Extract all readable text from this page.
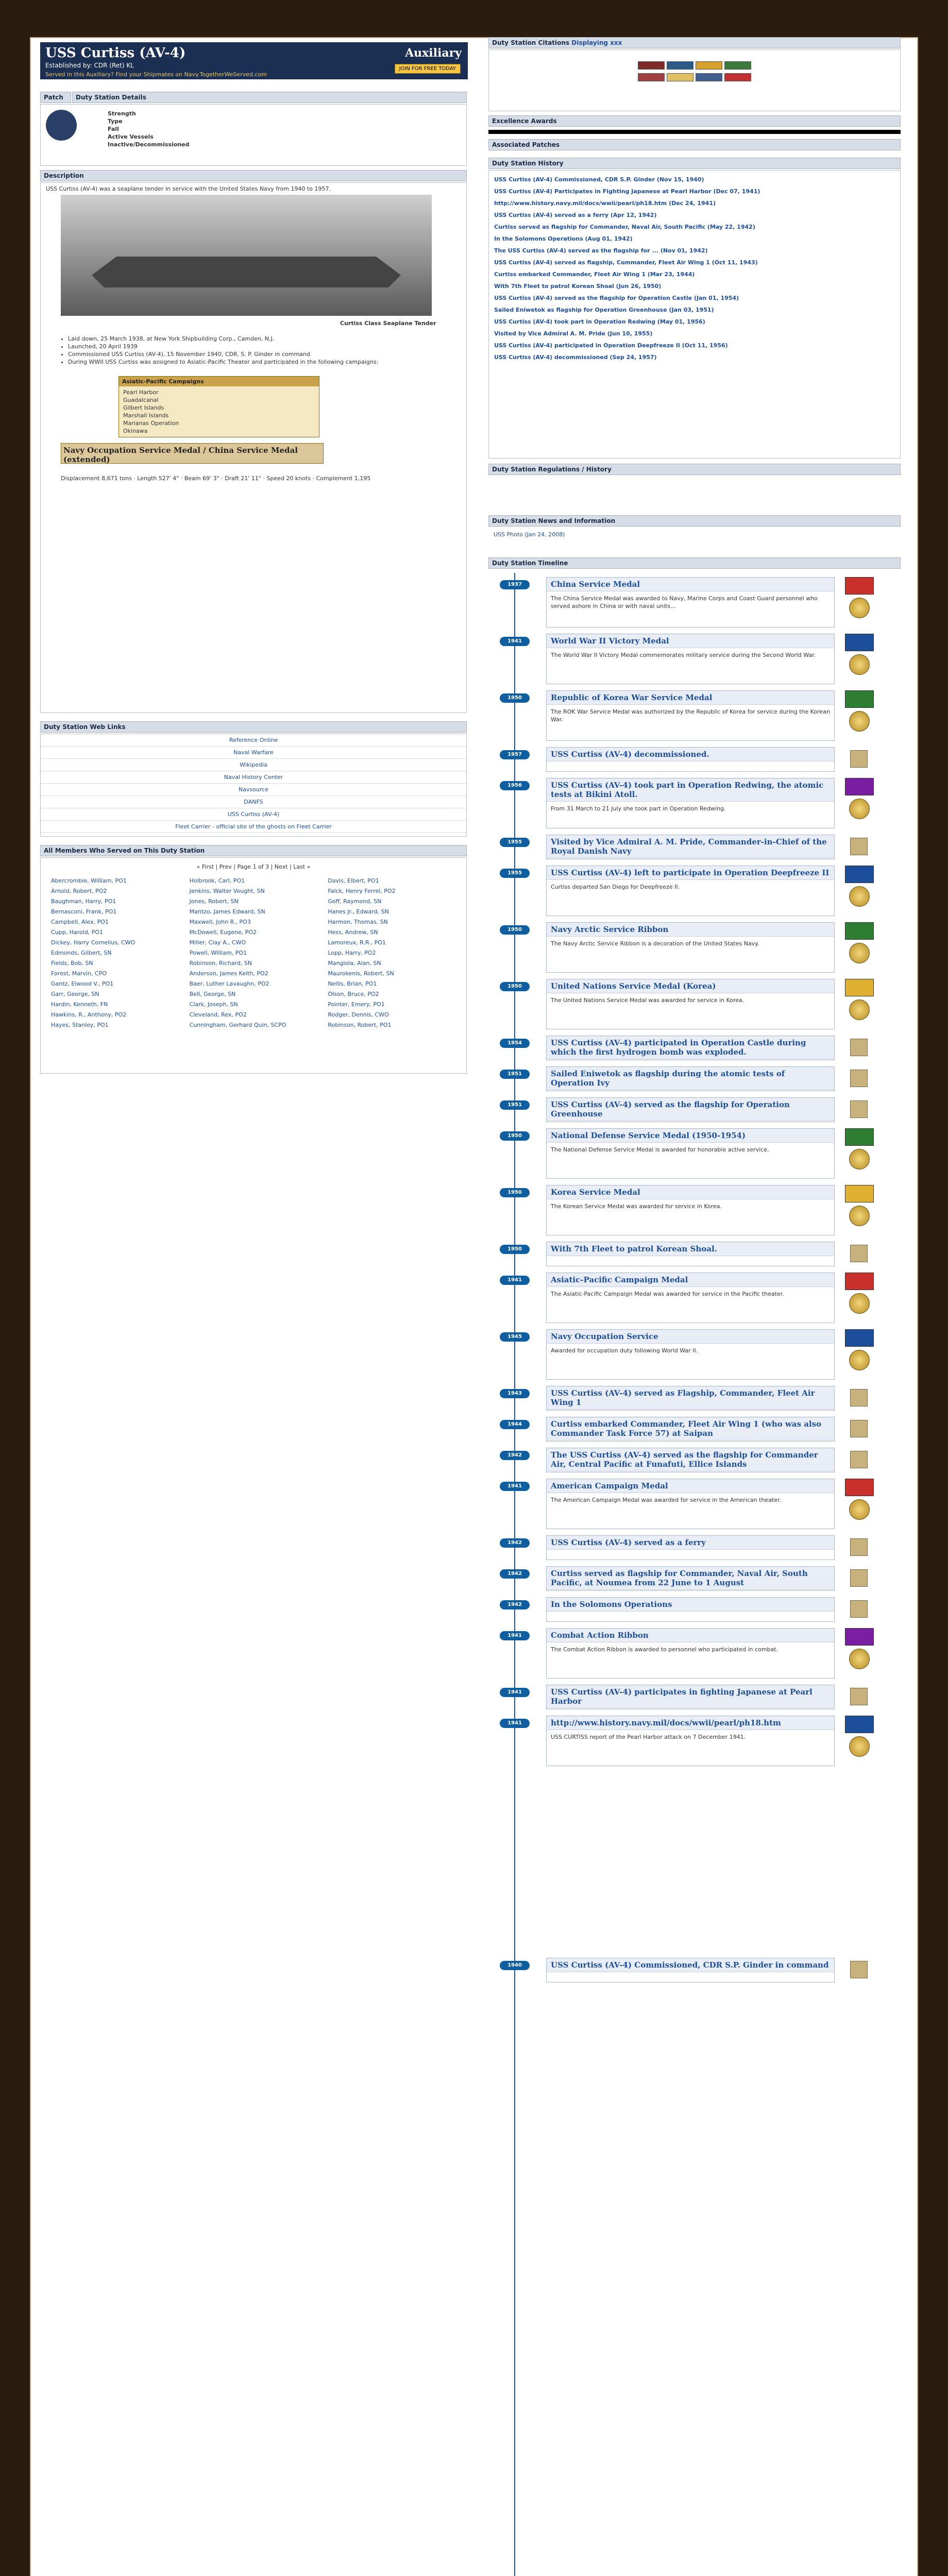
USS Curtiss (AV-4)	Auxiliary
Established by: CDR (Ret) KL
Served in this Auxiliary? Find your Shipmates on Navy.TogetherWeServed.com
JOIN FOR FREE TODAY
Patch	Duty Station Details
Strength
Type
Fall
Active Vessels
Inactive/Decommissioned
Description
USS Curtiss (AV-4) was a seaplane tender in service with the United States Navy from 1940 to 1957.
Curtiss Class Seaplane Tender
• Laid down, 25 March 1938, at New York Shipbuilding Corp., Camden, N.J.
• Launched, 20 April 1939
• Commissioned USS Curtiss (AV-4), 15 November 1940, CDR. S. P. Ginder in command
• During WWII USS Curtiss was assigned to Asiatic-Pacific Theater and participated in the following campaigns:
Asiatic-Pacific Campaigns
Pearl Harbor
Guadalcanal
Gilbert Islands
Marshall Islands
Marianas Operation
Okinawa
Navy Occupation Service Medal / China Service Medal (extended)
Displacement 8,671 tons · Length 527' 4" · Beam 69' 3" · Draft 21' 11" · Speed 20 knots · Complement 1,195
Duty Station Web Links
Reference Online
Naval Warfare
Wikipedia
Naval History Center
Navsource
DANFS
USS Curtiss (AV-4)
Fleet Carrier - official site of the ghosts on Fleet Carrier
All Members Who Served on This Duty Station
« First | Prev | Page 1 of 3 | Next | Last »
Abercrombie, William, PO1
Arnold, Robert, PO2
Baughman, Harry, PO1
Bernasconi, Frank, PO1
Campbell, Alex, PO1
Cupp, Harold, PO1
Dickey, Harry Cornelius, CWO
Edmonds, Gilbert, SN
Fields, Bob, SN
Forest, Marvin, CPO
Gantz, Elwood V., PO1
Garr, George, SN
Hardin, Kenneth, FN
Hawkins, R., Anthony, PO2
Hayes, Stanley, PO1
Holbrook, Carl, PO1
Jenkins, Walter Vought, SN
Jones, Robert, SN
Mantzo, James Edward, SN
Maxwell, John R., PO3
McDowell, Eugene, PO2
Miller, Clay A., CWO
Powell, William, PO1
Robinson, Richard, SN
Anderson, James Keith, PO2
Baer, Luther Lavaughn, PO2
Bell, George, SN
Clark, Joseph, SN
Cleveland, Rex, PO2
Cunningham, Gerhard Quin, SCPO
Davis, Elbert, PO1
Falck, Henry Ferrel, PO2
Goff, Raymond, SN
Hanes Jr., Edward, SN
Harmon, Thomas, SN
Hess, Andrew, SN
Lamoreux, R.R., PO1
Lopp, Harry, PO2
Mangiola, Alan, SN
Maurokenis, Robert, SN
Nellis, Brian, PO1
Olson, Bruce, PO2
Pointer, Emery, PO1
Rodger, Dennis, CWO
Robinson, Robert, PO1
Duty Station Citations Displaying xxx

Excellence Awards
Associated Patches
Duty Station History
USS Curtiss (AV-4) Commissioned, CDR S.P. Ginder (Nov 15, 1940)
USS Curtiss (AV-4) Participates in Fighting Japanese at Pearl Harbor (Dec 07, 1941)
http://www.history.navy.mil/docs/wwii/pearl/ph18.htm (Dec 24, 1941)
USS Curtiss (AV-4) served as a ferry (Apr 12, 1942)
Curtiss served as flagship for Commander, Naval Air, South Pacific (May 22, 1942)
In the Solomons Operations (Aug 01, 1942)
The USS Curtiss (AV-4) served as the flagship for ... (Nov 01, 1942)
USS Curtiss (AV-4) served as flagship, Commander, Fleet Air Wing 1 (Oct 11, 1943)
Curtiss embarked Commander, Fleet Air Wing 1 (Mar 23, 1944)
With 7th Fleet to patrol Korean Shoal (Jun 26, 1950)
USS Curtiss (AV-4) served as the flagship for Operation Castle (Jan 01, 1954)
Sailed Eniwetok as flagship for Operation Greenhouse (Jan 03, 1951)
USS Curtiss (AV-4) took part in Operation Redwing (May 01, 1956)
Visited by Vice Admiral A. M. Pride (Jun 10, 1955)
USS Curtiss (AV-4) participated in Operation Deepfreeze II (Oct 11, 1956)
USS Curtiss (AV-4) decommissioned (Sep 24, 1957)
Duty Station Regulations / History
Duty Station News and Information
USS Photo (Jan 24, 2008)
Duty Station Timeline
1937	China Service Medal
The China Service Medal was awarded to Navy, Marine Corps and Coast Guard personnel who served ashore in China or with naval units...
1941	World War II Victory Medal
The World War II Victory Medal commemorates military service during the Second World War.
1950	Republic of Korea War Service Medal
The ROK War Service Medal was authorized by the Republic of Korea for service during the Korean War.
1957	USS Curtiss (AV-4) decommissioned.
1956	USS Curtiss (AV-4) took part in Operation Redwing, the atomic tests at Bikini Atoll.
From 31 March to 21 July she took part in Operation Redwing.
1955	Visited by Vice Admiral A. M. Pride, Commander-in-Chief of the Royal Danish Navy
1955	USS Curtiss (AV-4) left to participate in Operation Deepfreeze II
Curtiss departed San Diego for Deepfreeze II.
1950	Navy Arctic Service Ribbon
The Navy Arctic Service Ribbon is a decoration of the United States Navy.
1950	United Nations Service Medal (Korea)
The United Nations Service Medal was awarded for service in Korea.
1954	USS Curtiss (AV-4) participated in Operation Castle during which the first hydrogen bomb was exploded.
1951	Sailed Eniwetok as flagship during the atomic tests of Operation Ivy
1951	USS Curtiss (AV-4) served as the flagship for Operation Greenhouse
1950	National Defense Service Medal (1950-1954)
The National Defense Service Medal is awarded for honorable active service.
1950	Korea Service Medal
The Korean Service Medal was awarded for service in Korea.
1950	With 7th Fleet to patrol Korean Shoal.
1941	Asiatic-Pacific Campaign Medal
The Asiatic-Pacific Campaign Medal was awarded for service in the Pacific theater.
1945	Navy Occupation Service
Awarded for occupation duty following World War II.
1943	USS Curtiss (AV-4) served as Flagship, Commander, Fleet Air Wing 1
1944	Curtiss embarked Commander, Fleet Air Wing 1 (who was also Commander Task Force 57) at Saipan
1942	The USS Curtiss (AV-4) served as the flagship for Commander Air, Central Pacific at Funafuti, Ellice Islands
1941	American Campaign Medal
The American Campaign Medal was awarded for service in the American theater.
1942	USS Curtiss (AV-4) served as a ferry
1942	Curtiss served as flagship for Commander, Naval Air, South Pacific, at Noumea from 22 June to 1 August
1942	In the Solomons Operations
1941	Combat Action Ribbon
The Combat Action Ribbon is awarded to personnel who participated in combat.
1941	USS Curtiss (AV-4) participates in fighting Japanese at Pearl Harbor
1941	http://www.history.navy.mil/docs/wwii/pearl/ph18.htm
USS CURTISS report of the Pearl Harbor attack on 7 December 1941.
1940	USS Curtiss (AV-4) Commissioned, CDR S.P. Ginder in command
